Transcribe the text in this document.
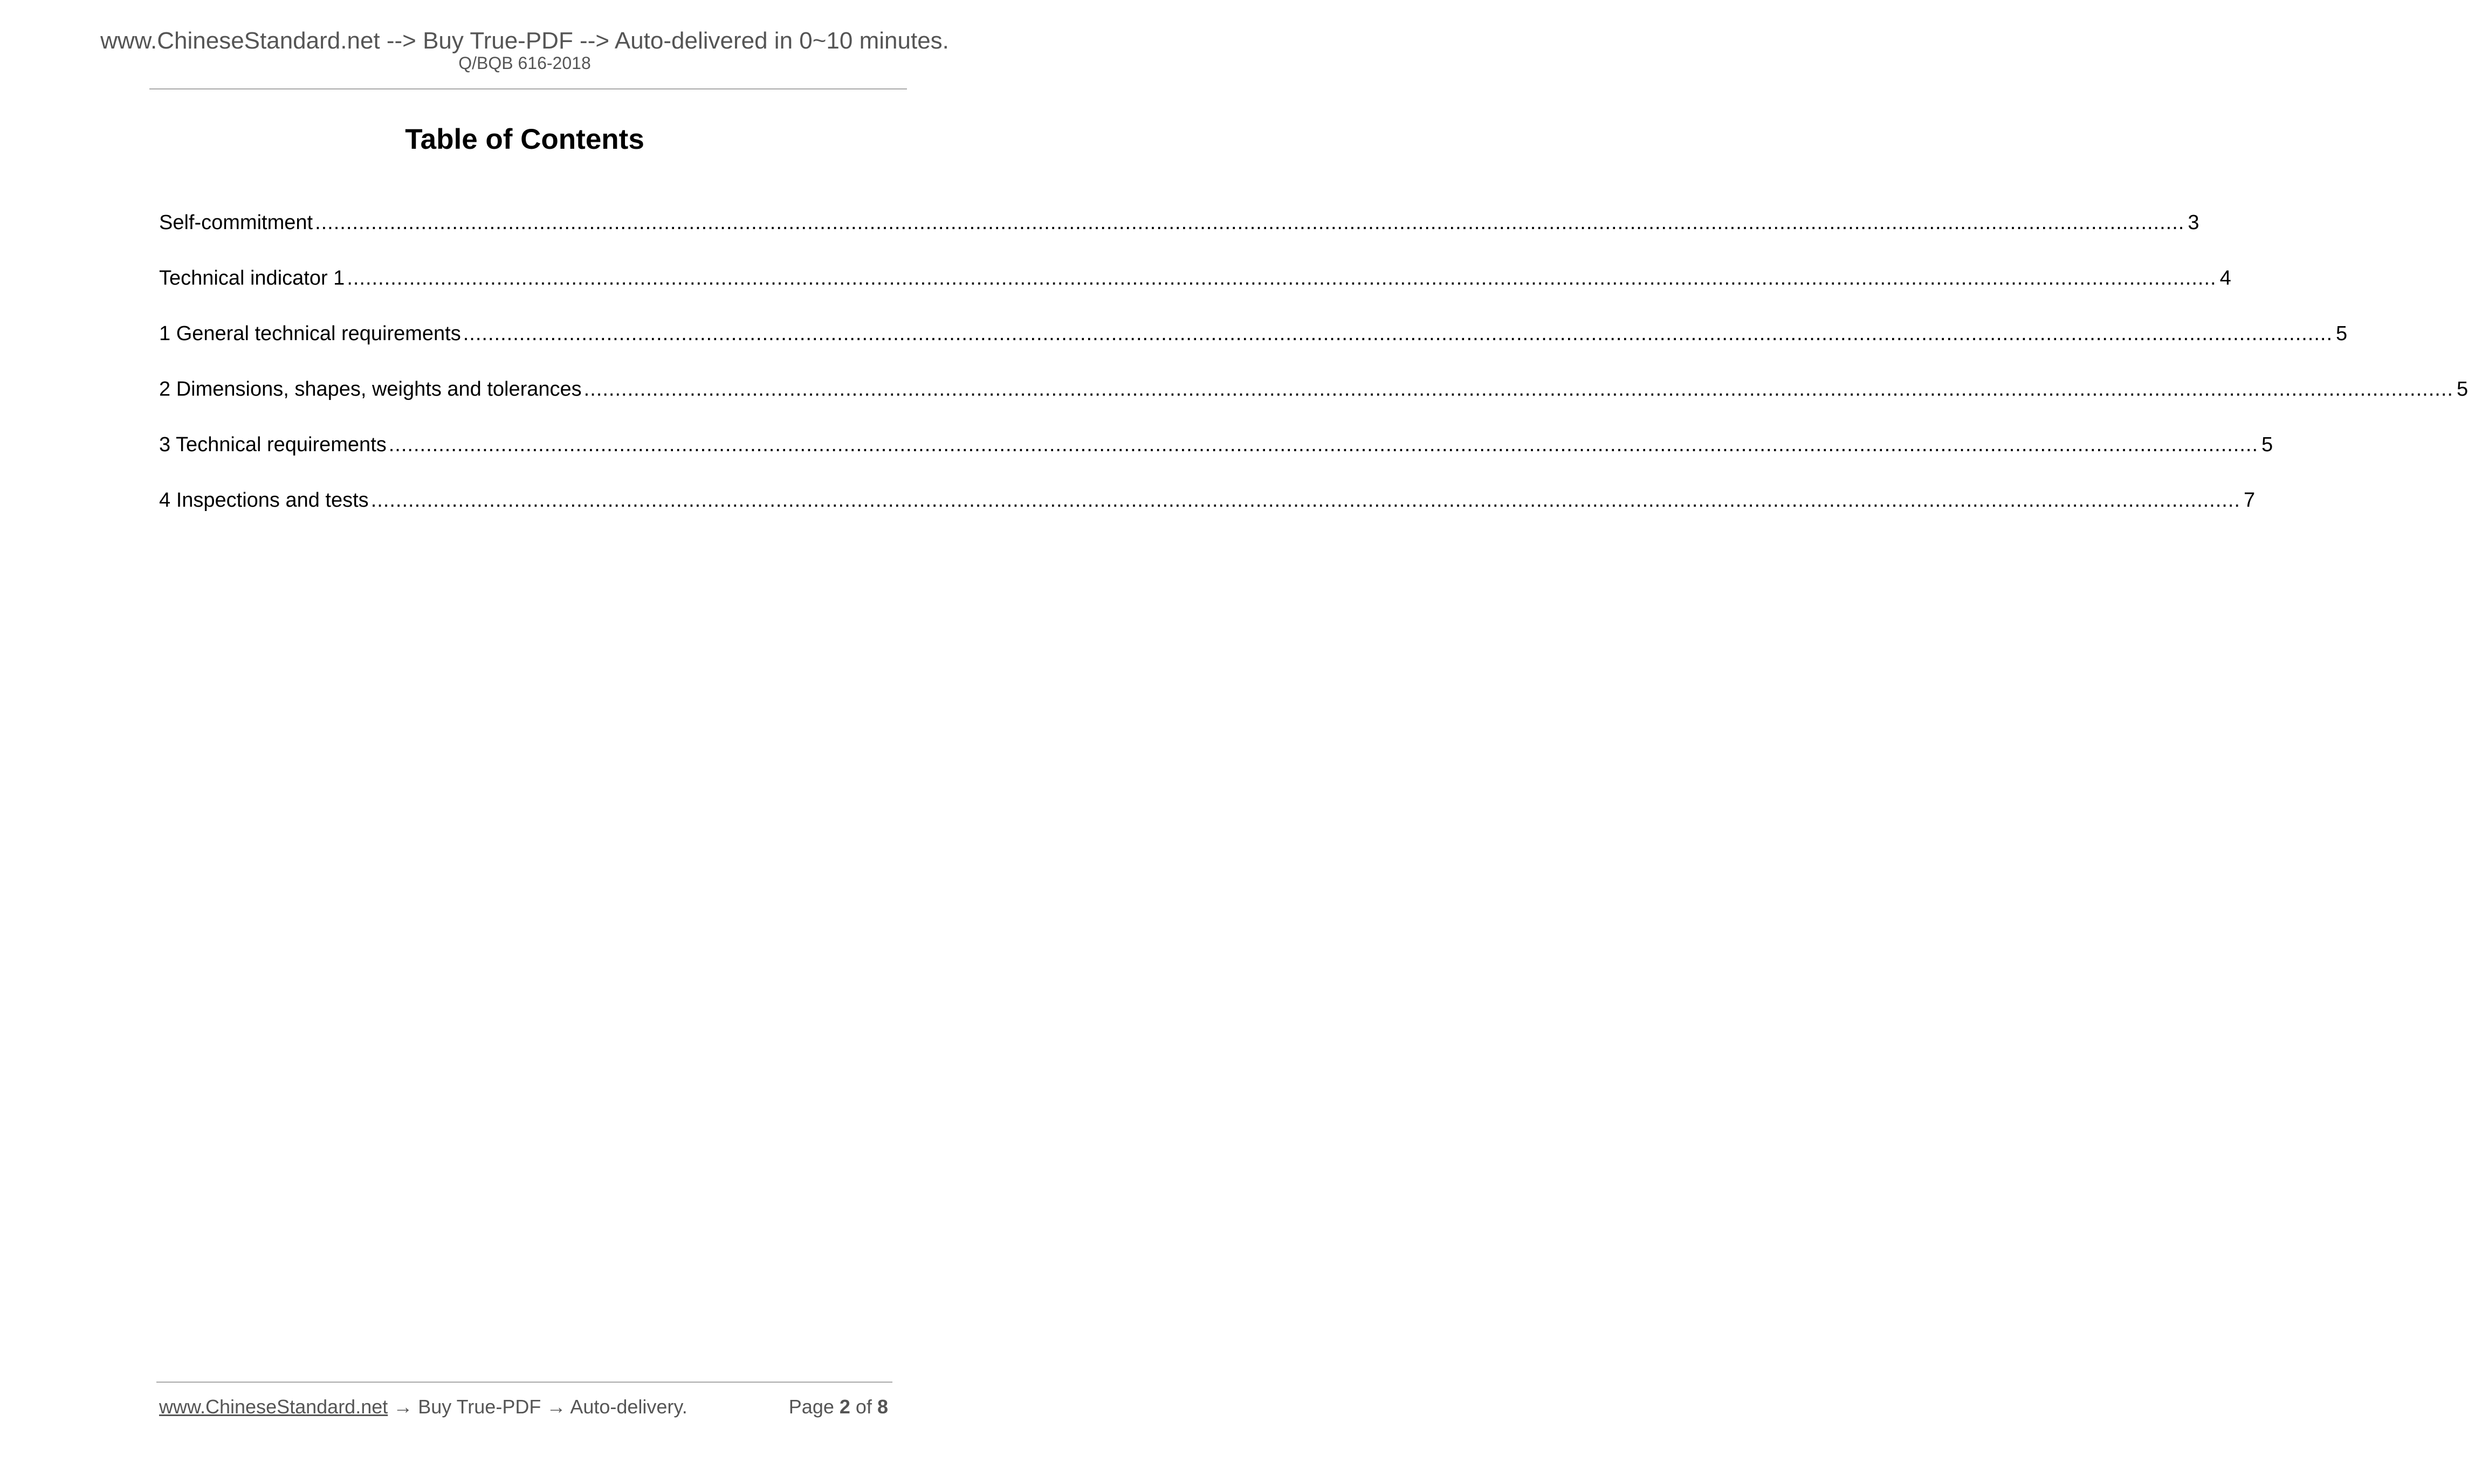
www.ChineseStandard.net --> Buy True-PDF --> Auto-delivered in 0~10 minutes.
Q/BQB 616-2018
Table of Contents
Self-commitment ............................................................................................................................................................................................................................................................................................................ 3
Technical indicator 1 ............................................................................................................................................................................................................................................................................................................ 4
1 General technical requirements ............................................................................................................................................................................................................................................................................................................ 5
2 Dimensions, shapes, weights and tolerances ............................................................................................................................................................................................................................................................................................................ 5
3 Technical requirements ............................................................................................................................................................................................................................................................................................................ 5
4 Inspections and tests ............................................................................................................................................................................................................................................................................................................ 7
www.ChineseStandard.net → Buy True-PDF → Auto-delivery.	Page 2 of 8
